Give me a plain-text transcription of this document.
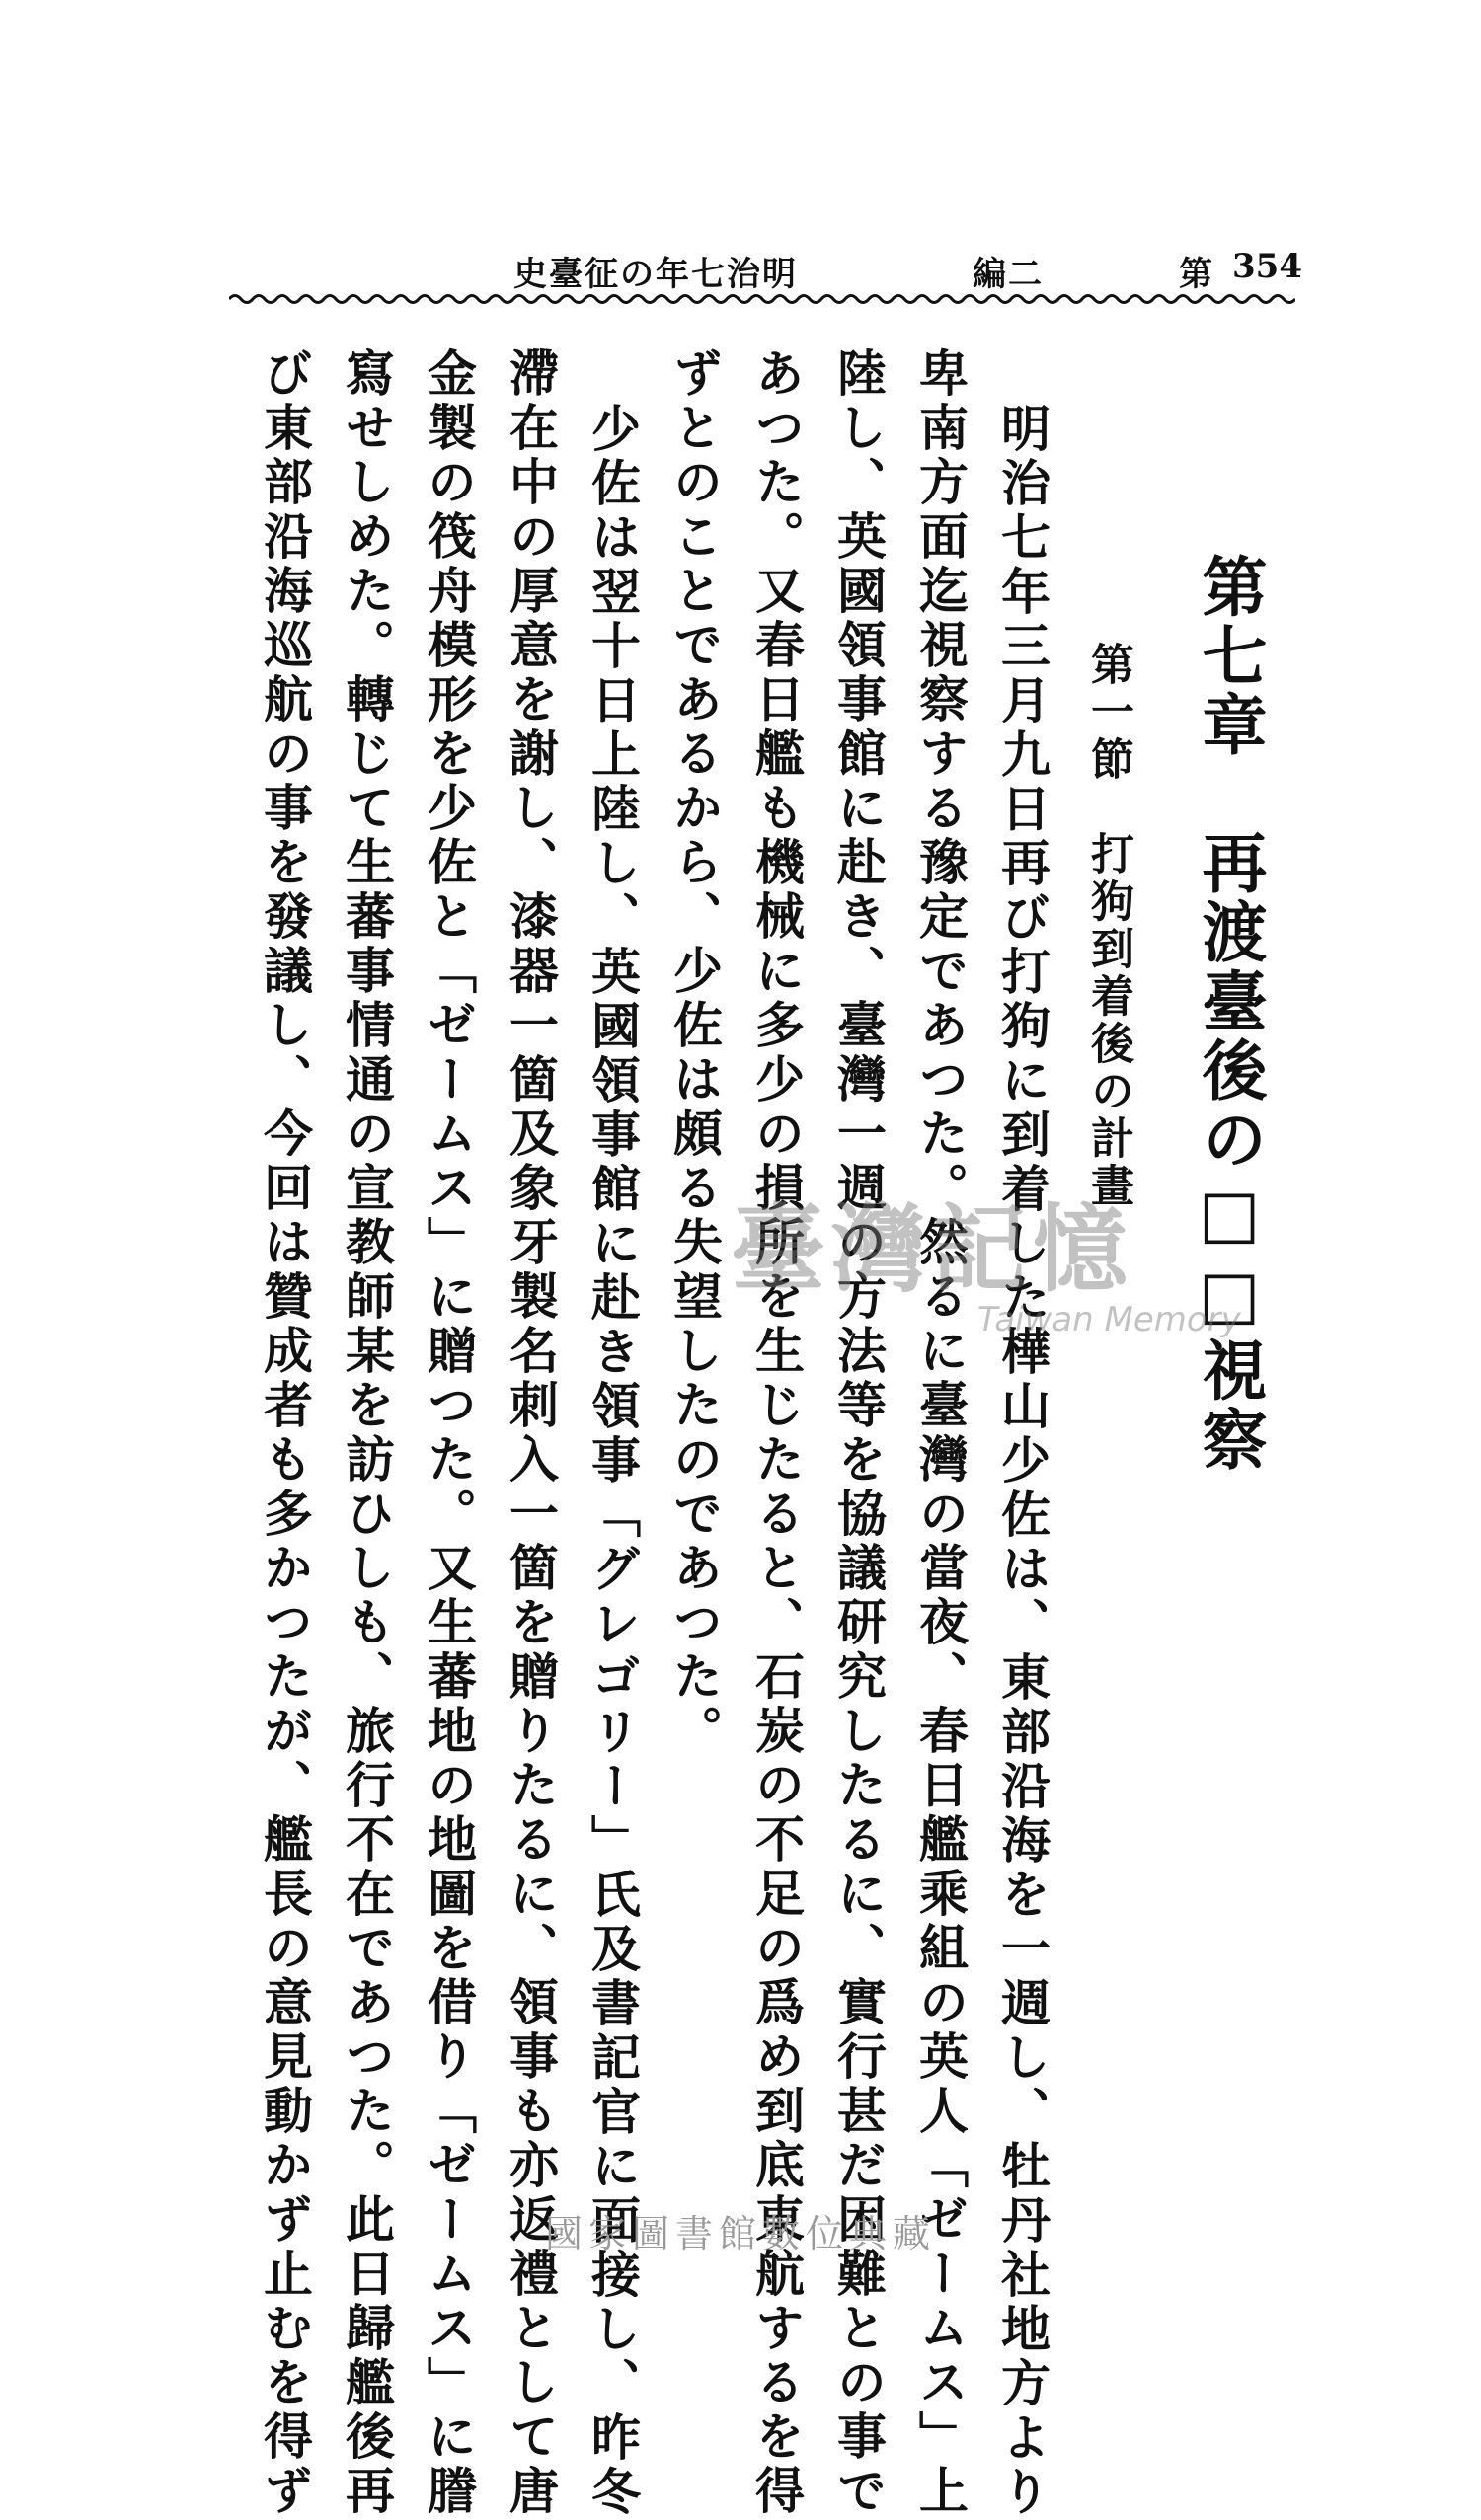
史臺征の年七治明	編二	第 354
第七章　再渡臺後の□□視察
第一節　打狗到着後の計畫
明治七年三月九日再び打狗に到着した樺山少佐は、東部沿海を一週し、牡丹社地方より
卑南方面迄視察する豫定であつた。然るに臺灣の當夜、春日艦乘組の英人「ゼームス」上
陸し、英國領事館に赴き、臺灣一週の方法等を協議研究したるに、實行甚だ困難との事で
あつた。又春日艦も機械に多少の損所を生じたると、石炭の不足の爲め到底東航するを得
ずとのことであるから、少佐は頗る失望したのであつた。
少佐は翌十日上陸し、英國領事館に赴き領事「グレゴリー」氏及書記官に面接し、昨冬
滯在中の厚意を謝し、漆器一箇及象牙製名刺入一箇を贈りたるに、領事も亦返禮として唐
金製の筏舟模形を少佐と「ゼームス」に贈つた。又生蕃地の地圖を借り「ゼームス」に謄
寫せしめた。轉じて生蕃事情通の宣教師某を訪ひしも、旅行不在であつた。此日歸艦後再
び東部沿海巡航の事を發議し、今回は贊成者も多かつたが、艦長の意見動かず止むを得ず	臺灣記憶
Taiwan Memory
國家圖書館數位典藏
